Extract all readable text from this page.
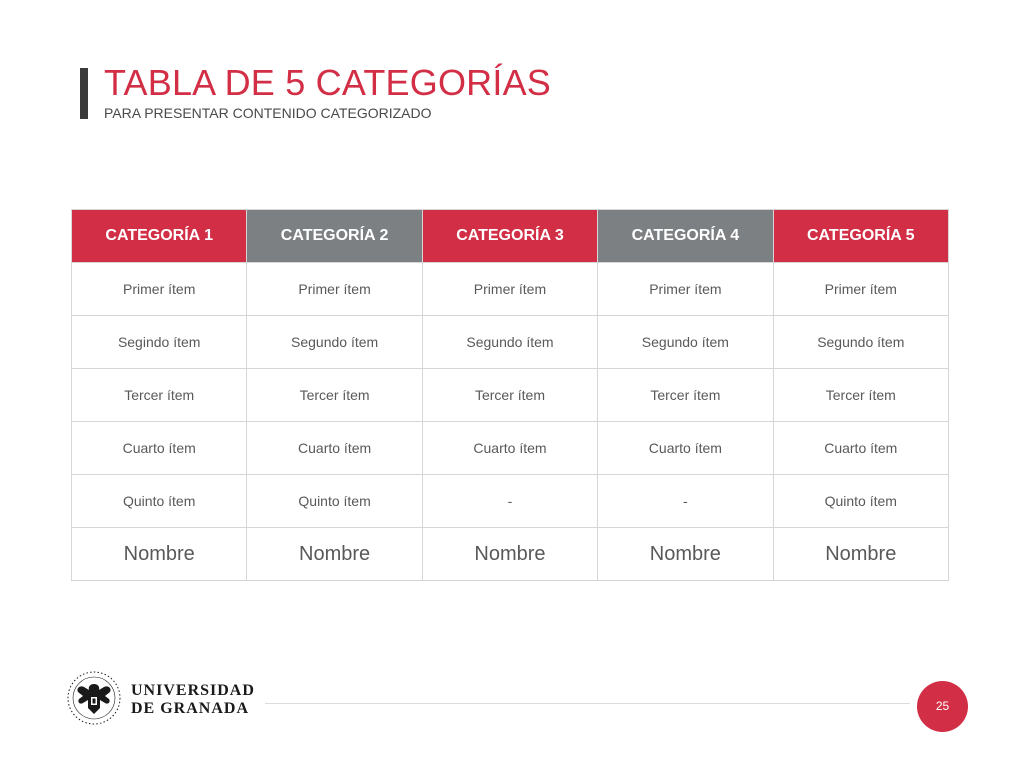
TABLA DE 5 CATEGORÍAS
PARA PRESENTAR CONTENIDO CATEGORIZADO
CATEGORÍA 1	CATEGORÍA 2	CATEGORÍA 3	CATEGORÍA 4	CATEGORÍA 5
Primer ítem	Primer ítem	Primer ítem	Primer ítem	Primer ítem
Segindo ítem	Segundo ítem	Segundo ítem	Segundo ítem	Segundo ítem
Tercer ítem	Tercer ítem	Tercer ítem	Tercer ítem	Tercer ítem
Cuarto ítem	Cuarto ítem	Cuarto ítem	Cuarto ítem	Cuarto ítem
Quinto ítem	Quinto ítem	-	-	Quinto ítem
Nombre	Nombre	Nombre	Nombre	Nombre
UNIVERSIDAD
DE GRANADA	25
